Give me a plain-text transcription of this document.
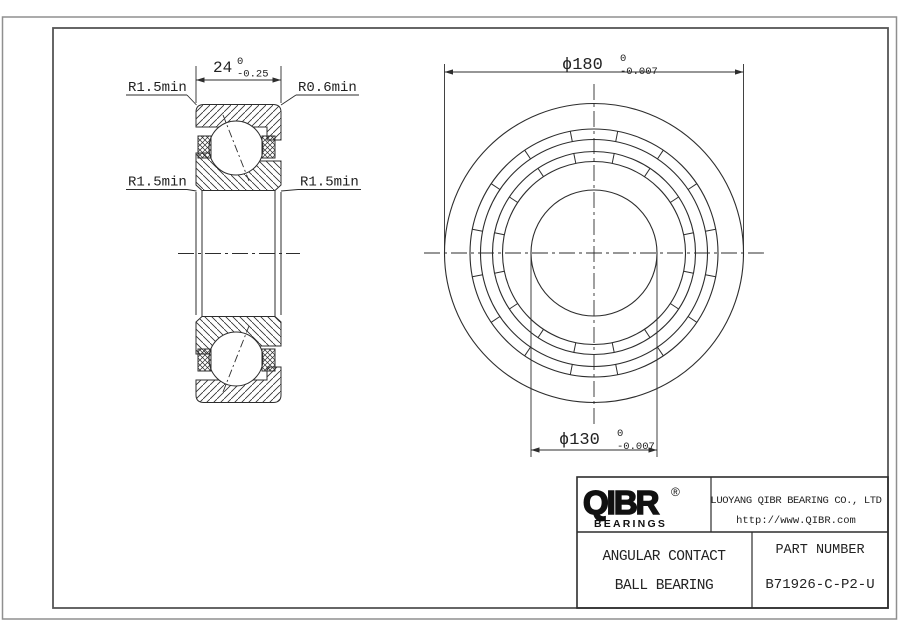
24 0
-0.25
R1.5min	R0.6min
R1.5min	R1.5min
ϕ180 0
-0.007
ϕ130 0
-0.007
QIBR ®
BEARINGS
LUOYANG QIBR BEARING CO., LTD
http://www.QIBR.com
ANGULAR CONTACT
BALL BEARING
PART NUMBER
B71926-C-P2-U
